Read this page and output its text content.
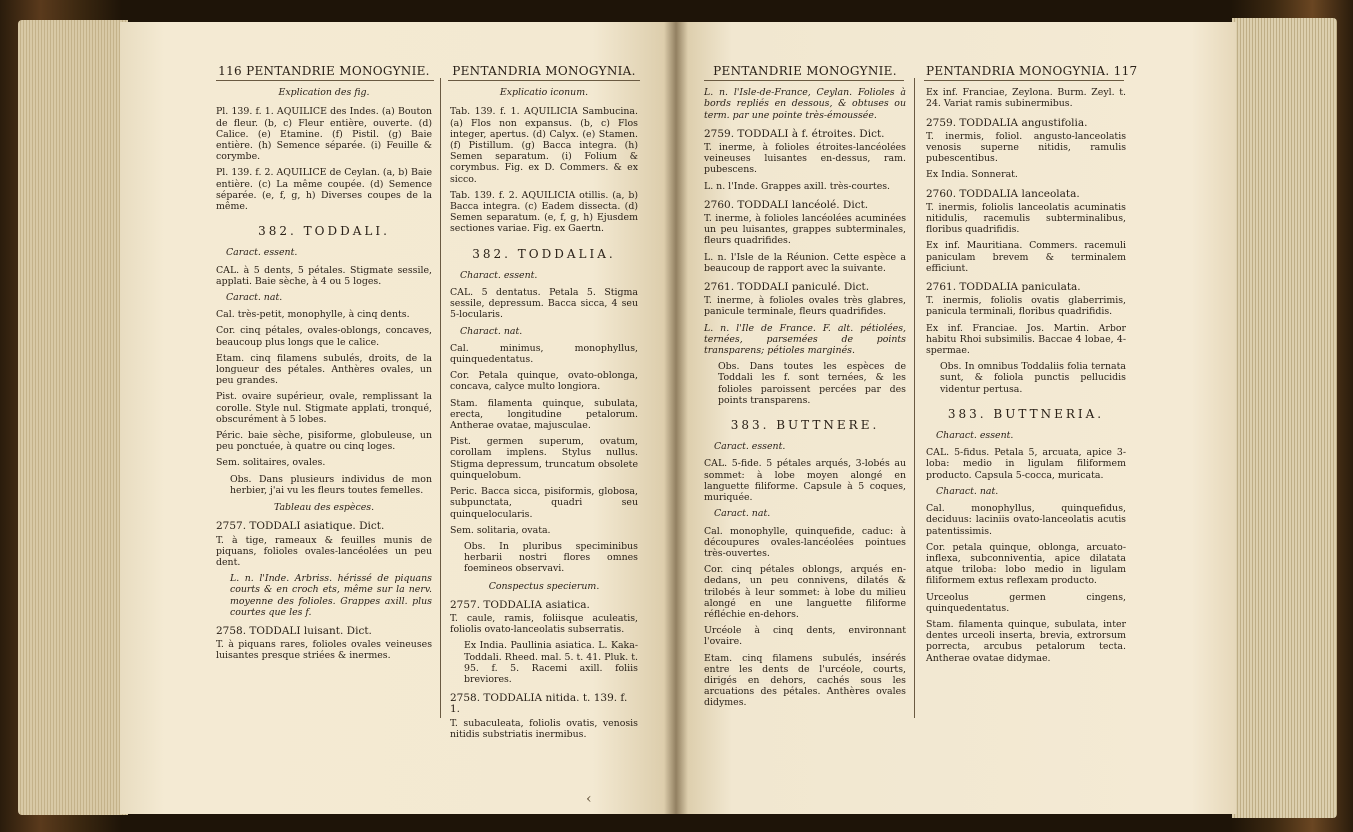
116 PENTANDRIE MONOGYNIE.
Explication des fig.
Pl. 139. f. 1. AQUILICE des Indes. (a) Bouton de fleur. (b, c) Fleur entière, ouverte. (d) Calice. (e) Etamine. (f) Pistil. (g) Baie entière. (h) Semence séparée. (i) Feuille & corymbe.
Pl. 139. f. 2. AQUILICE de Ceylan. (a, b) Baie entière. (c) La même coupée. (d) Semence séparée. (e, f, g, h) Diverses coupes de la même.
382. TODDALI.
Caract. essent.
CAL. à 5 dents, 5 pétales. Stigmate sessile, applati. Baie sèche, à 4 ou 5 loges.
Caract. nat.
Cal. très-petit, monophylle, à cinq dents.
Cor. cinq pétales, ovales-oblongs, concaves, beaucoup plus longs que le calice.
Etam. cinq filamens subulés, droits, de la longueur des pétales. Anthères ovales, un peu grandes.
Pist. ovaire supérieur, ovale, remplissant la corolle. Style nul. Stigmate applati, tronqué, obscurément à 5 lobes.
Péric. baie sèche, pisiforme, globuleuse, un peu ponctuée, à quatre ou cinq loges.
Sem. solitaires, ovales.
Obs. Dans plusieurs individus de mon herbier, j'ai vu les fleurs toutes femelles.
Tableau des espèces.
2757. TODDALI asiatique. Dict.
T. à tige, rameaux & feuilles munis de piquans, folioles ovales-lancéolées un peu dent.
L. n. l'Inde. Arbriss. hérissé de piquans courts & en croch ets, même sur la nerv. moyenne des folioles. Grappes axill. plus courtes que les f.
2758. TODDALI luisant. Dict.
T. à piquans rares, folioles ovales veineuses luisantes presque striées & inermes.
PENTANDRIA MONOGYNIA.
Explicatio iconum.
Tab. 139. f. 1. AQUILICIA Sambucina. (a) Flos non expansus. (b, c) Flos integer, apertus. (d) Calyx. (e) Stamen. (f) Pistillum. (g) Bacca integra. (h) Semen separatum. (i) Folium & corymbus. Fig. ex D. Commers. & ex sicco.
Tab. 139. f. 2. AQUILICIA otillis. (a, b) Bacca integra. (c) Eadem dissecta. (d) Semen separatum. (e, f, g, h) Ejusdem sectiones variae. Fig. ex Gaertn.
382. TODDALIA.
Charact. essent.
CAL. 5 dentatus. Petala 5. Stigma sessile, depressum. Bacca sicca, 4 seu 5-locularis.
Charact. nat.
Cal. minimus, monophyllus, quinquedentatus.
Cor. Petala quinque, ovato-oblonga, concava, calyce multo longiora.
Stam. filamenta quinque, subulata, erecta, longitudine petalorum. Antherae ovatae, majusculae.
Pist. germen superum, ovatum, corollam implens. Stylus nullus. Stigma depressum, truncatum obsolete quinquelobum.
Peric. Bacca sicca, pisiformis, globosa, subpunctata, quadri seu quinquelocularis.
Sem. solitaria, ovata.
Obs. In pluribus speciminibus herbarii nostri flores omnes foemineos observavi.
Conspectus specierum.
2757. TODDALIA asiatica.
T. caule, ramis, foliisque aculeatis, foliolis ovato-lanceolatis subserratis.
Ex India. Paullinia asiatica. L. Kaka-Toddali. Rheed. mal. 5. t. 41. Pluk. t. 95. f. 5. Racemi axill. foliis breviores.
2758. TODDALIA nitida. t. 139. f. 1.
T. subaculeata, foliolis ovatis, venosis nitidis substriatis inermibus.
‹
PENTANDRIE MONOGYNIE.
L. n. l'Isle-de-France, Ceylan. Folioles à bords repliés en dessous, & obtuses ou term. par une pointe très-émoussée.
2759. TODDALI à f. étroites. Dict.
T. inerme, à folioles étroites-lancéolées veineuses luisantes en-dessus, ram. pubescens.
L. n. l'Inde. Grappes axill. très-courtes.
2760. TODDALI lancéolé. Dict.
T. inerme, à folioles lancéolées acuminées un peu luisantes, grappes subterminales, fleurs quadrifides.
L. n. l'Isle de la Réunion. Cette espèce a beaucoup de rapport avec la suivante.
2761. TODDALI paniculé. Dict.
T. inerme, à folioles ovales très glabres, panicule terminale, fleurs quadrifides.
L. n. l'Ile de France. F. alt. pétiolées, ternées, parsemées de points transparens; pétioles marginés.
Obs. Dans toutes les espèces de Toddali les f. sont ternées, & les folioles paroissent percées par des points transparens.
383. BUTTNERE.
Caract. essent.
CAL. 5-fide. 5 pétales arqués, 3-lobés au sommet: à lobe moyen alongé en languette filiforme. Capsule à 5 coques, muriquée.
Caract. nat.
Cal. monophylle, quinquefide, caduc: à découpures ovales-lancéolées pointues très-ouvertes.
Cor. cinq pétales oblongs, arqués en-dedans, un peu connivens, dilatés & trilobés à leur sommet: à lobe du milieu alongé en une languette filiforme réfléchie en-dehors.
Urcéole à cinq dents, environnant l'ovaire.
Etam. cinq filamens subulés, insérés entre les dents de l'urcéole, courts, dirigés en dehors, cachés sous les arcuations des pétales. Anthères ovales didymes.
PENTANDRIA MONOGYNIA. 117
Ex inf. Franciae, Zeylona. Burm. Zeyl. t. 24. Variat ramis subinermibus.
2759. TODDALIA angustifolia.
T. inermis, foliol. angusto-lanceolatis venosis superne nitidis, ramulis pubescentibus.
Ex India. Sonnerat.
2760. TODDALIA lanceolata.
T. inermis, foliolis lanceolatis acuminatis nitidulis, racemulis subterminalibus, floribus quadrifidis.
Ex inf. Mauritiana. Commers. racemuli paniculam brevem & terminalem efficiunt.
2761. TODDALIA paniculata.
T. inermis, foliolis ovatis glaberrimis, panicula terminali, floribus quadrifidis.
Ex inf. Franciae. Jos. Martin. Arbor habitu Rhoi subsimilis. Baccae 4 lobae, 4-spermae.
Obs. In omnibus Toddaliis folia ternata sunt, & foliola punctis pellucidis videntur pertusa.
383. BUTTNERIA.
Charact. essent.
CAL. 5-fidus. Petala 5, arcuata, apice 3-loba: medio in ligulam filiformem producto. Capsula 5-cocca, muricata.
Charact. nat.
Cal. monophyllus, quinquefidus, deciduus: laciniis ovato-lanceolatis acutis patentissimis.
Cor. petala quinque, oblonga, arcuato-inflexa, subconniventia, apice dilatata atque triloba: lobo medio in ligulam filiformem extus reflexam producto.
Urceolus germen cingens, quinquedentatus.
Stam. filamenta quinque, subulata, inter dentes urceoli inserta, brevia, extrorsum porrecta, arcubus petalorum tecta. Antherae ovatae didymae.
